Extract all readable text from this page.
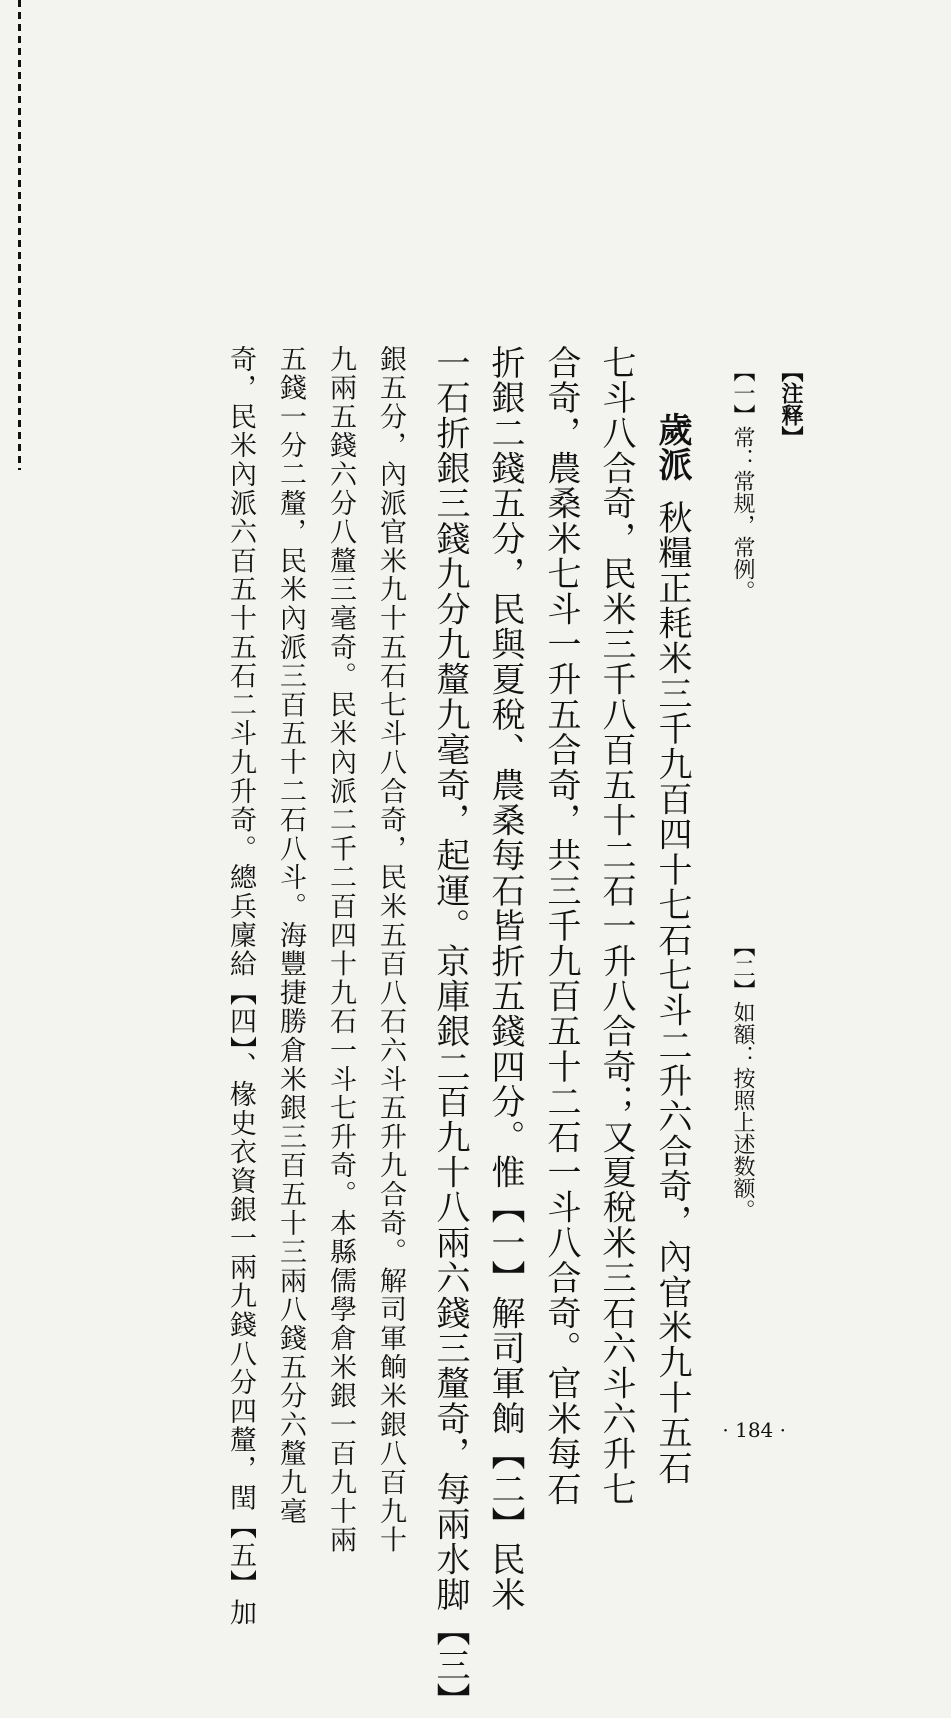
【注释】
【一】常：常规，常例。
【二】如額：按照上述数额。
歲派
秋糧正耗米三千九百四十七石七斗二升六合奇，內官米九十五石
七斗八合奇，民米三千八百五十二石一升八合奇；又夏稅米三石六斗六升七
合奇，農桑米七斗一升五合奇，共三千九百五十二石一斗八合奇。官米每石
折銀二錢五分，民與夏稅、農桑每石皆折五錢四分。惟【一】解司軍餉【二】民米
一石折銀三錢九分九釐九毫奇，起運。京庫銀二百九十八兩六錢三釐奇，每兩水脚【三】
銀五分，內派官米九十五石七斗八合奇，民米五百八石六斗五升九合奇。解司軍餉米銀八百九十
九兩五錢六分八釐三毫奇。民米內派二千二百四十九石一斗七升奇。本縣儒學倉米銀一百九十兩
五錢一分二釐，民米內派三百五十二石八斗。海豐捷勝倉米銀三百五十三兩八錢五分六釐九毫
奇，民米內派六百五十五石二斗九升奇。總兵廩給【四】、椽史衣資銀一兩九錢八分四釐，閏【五】加	· 184 ·
